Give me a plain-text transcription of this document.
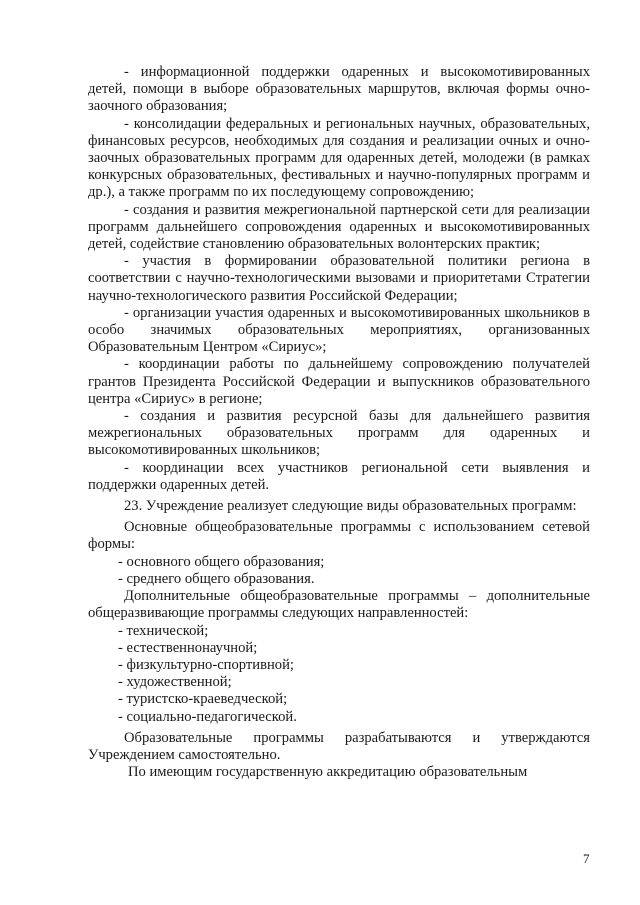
- информационной поддержки одаренных и высокомотивированных детей, помощи в выборе образовательных маршрутов, включая формы очно-заочного образования;

- консолидации федеральных и региональных научных, образовательных, финансовых ресурсов, необходимых для создания и реализации очных и очно-заочных образовательных программ для одаренных детей, молодежи (в рамках конкурсных образовательных, фестивальных и научно-популярных программ и др.), а также программ по их последующему сопровождению;

- создания и развития межрегиональной партнерской сети для реализации программ дальнейшего сопровождения одаренных и высокомотивированных детей, содействие становлению образовательных волонтерских практик;

- участия в формировании образовательной политики региона в соответствии с научно-технологическими вызовами и приоритетами Стратегии научно-технологического развития Российской Федерации;

- организации участия одаренных и высокомотивированных школьников в особо значимых образовательных мероприятиях, организованных Образовательным Центром «Сириус»;

- координации работы по дальнейшему сопровождению получателей грантов Президента Российской Федерации и выпускников образовательного центра «Сириус» в регионе;

- создания и развития ресурсной базы для дальнейшего развития межрегиональных образовательных программ для одаренных и высокомотивированных школьников;

- координации всех участников региональной сети выявления и поддержки одаренных детей.

23. Учреждение реализует следующие виды образовательных программ:

Основные общеобразовательные программы с использованием сетевой формы:

- основного общего образования;

- среднего общего образования.

Дополнительные общеобразовательные программы – дополнительные общеразвивающие программы следующих направленностей:

- технической;

- естественнонаучной;

- физкультурно-спортивной;

- художественной;

- туристско-краеведческой;

- социально-педагогической.

Образовательные программы разрабатываются и утверждаются Учреждением самостоятельно.

По имеющим государственную аккредитацию образовательным

7
